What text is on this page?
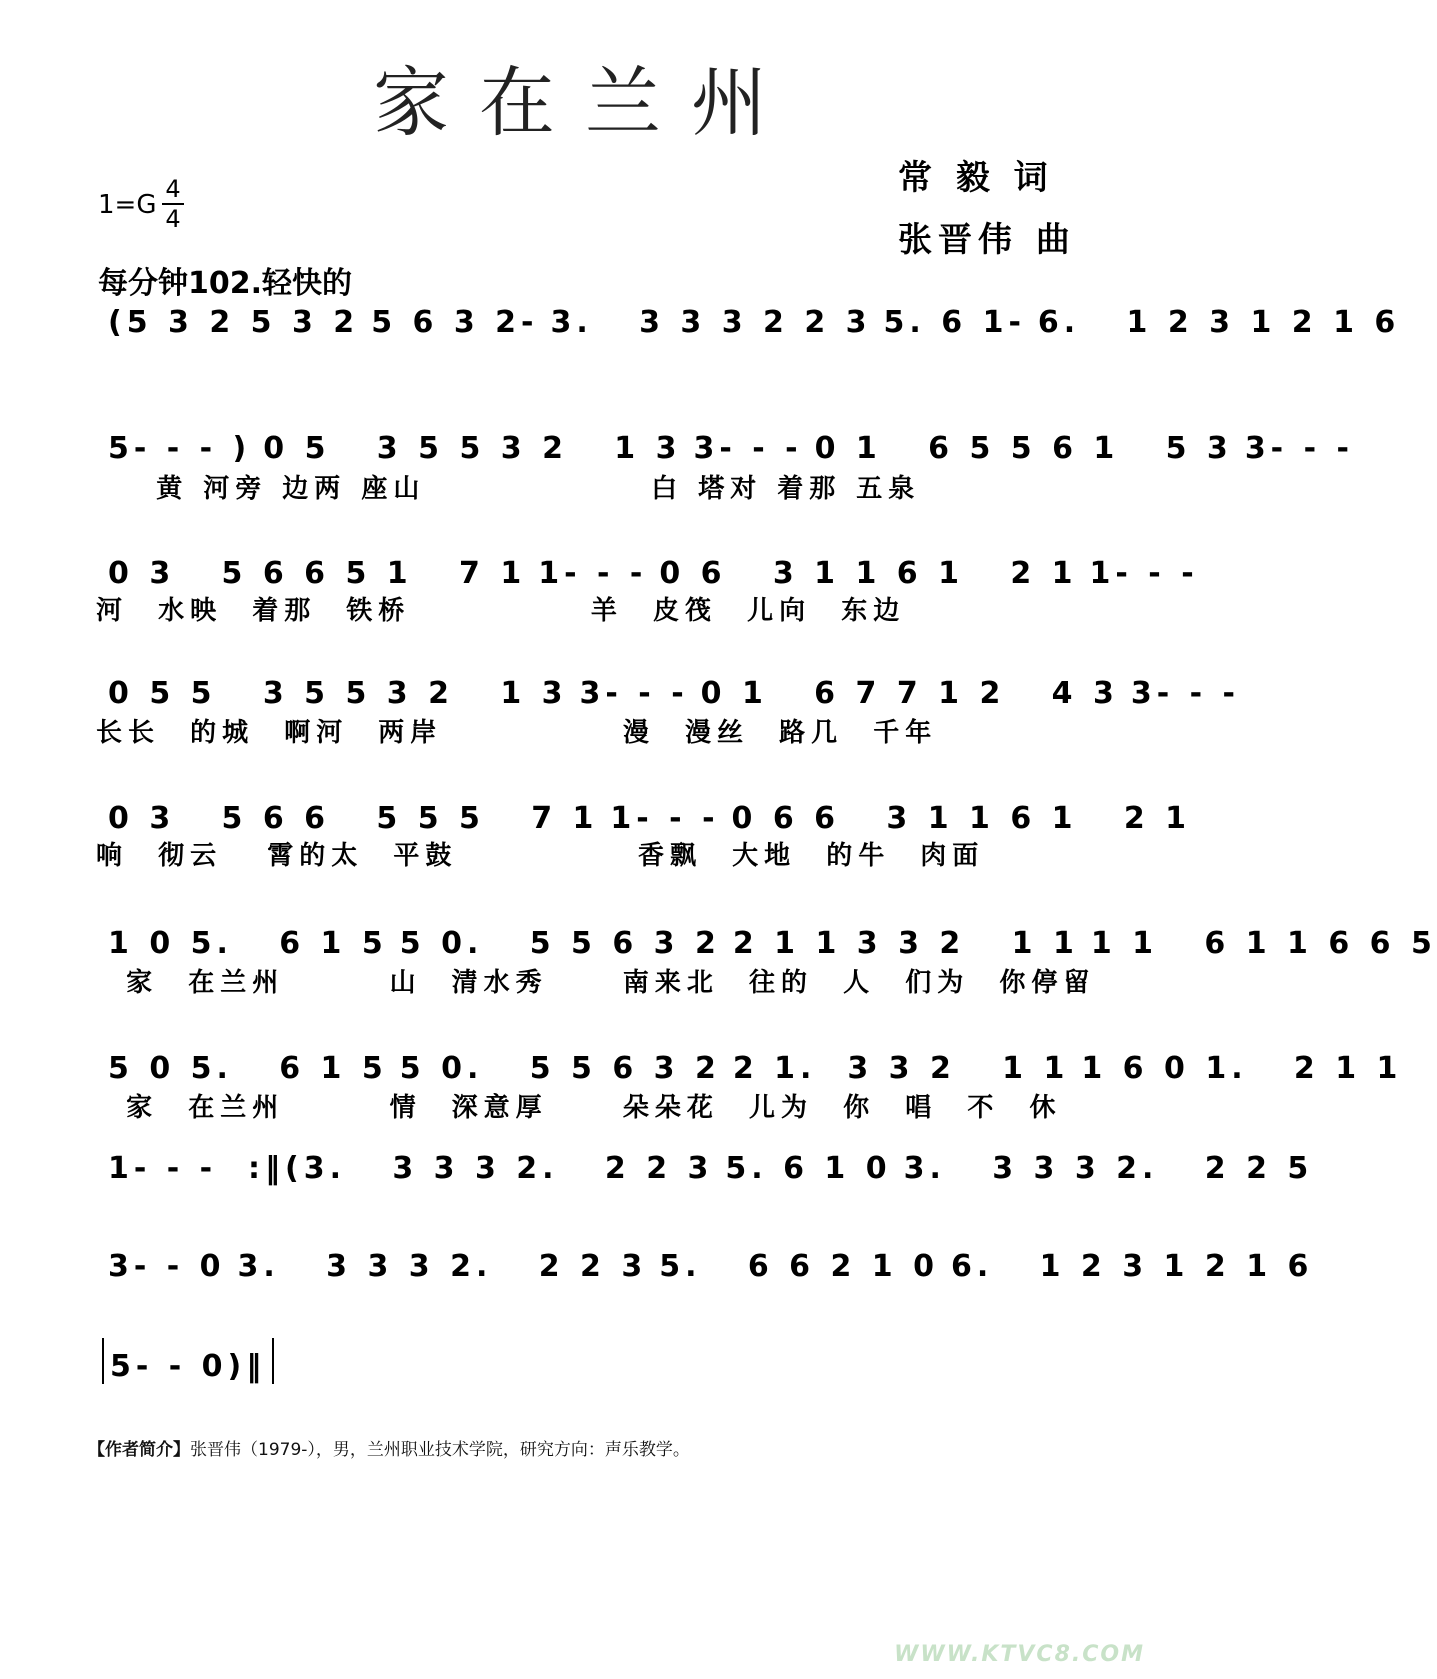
家在兰州
常 毅 词
张晋伟 曲
1=G
4
4
每分钟102.轻快的
(5 3 2 5 3 2 5 6 3 2- 3.   3 3 3 2 2 3 5. 6 1- 6.   1 2 3 1 2 1 6
5- - - ) 0 5   3 5 5 3 2   1 3 3- - - 0 1   6 5 5 6 1   5 3 3- - -
黄 河旁 边两 座山               白 塔对 着那 五泉
0 3   5 6 6 5 1   7 1 1- - - 0 6   3 1 1 6 1   2 1 1- - -
河  水映  着那  铁桥            羊  皮筏  儿向  东边
0 5 5   3 5 5 3 2   1 3 3- - - 0 1   6 7 7 1 2   4 3 3- - -
长长  的城  啊河  两岸            漫  漫丝  路几  千年
0 3   5 6 6   5 5 5   7 1 1- - - 0 6 6   3 1 1 6 1   2 1
响  彻云   霄的太  平鼓            香飘  大地  的牛  肉面
1 0 5.   6 1 5 5 0.   5 5 6 3 2 2 1 1 3 3 2   1 1 1 1   6 1 1 6 6 5
家  在兰州       山  清水秀     南来北  往的  人  们为  你停留
5 0 5.   6 1 5 5 0.   5 5 6 3 2 2 1.  3 3 2   1 1 1 6 0 1.   2 1 1
家  在兰州       情  深意厚     朵朵花  儿为  你  唱  不  休
1- - -  :‖(3.   3 3 3 2.   2 2 3 5. 6 1 0 3.   3 3 3 2.   2 2 5
3- - 0 3.   3 3 3 2.   2 2 3 5.   6 6 2 1 0 6.   1 2 3 1 2 1 6
5- - 0)‖
【作者简介】张晋伟（1979-），男，兰州职业技术学院，研究方向：声乐教学。
WWW.KTVC8.COM
